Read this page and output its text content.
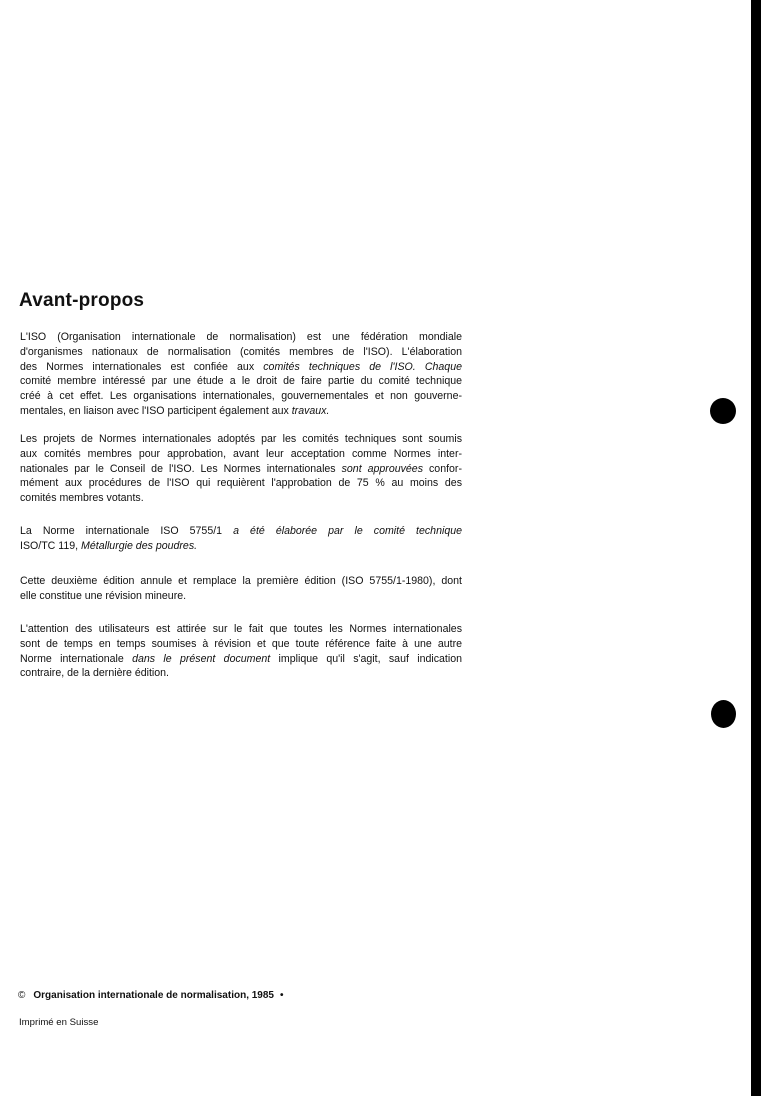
Avant-propos
L'ISO (Organisation internationale de normalisation) est une fédération mondiale
d'organismes nationaux de normalisation (comités membres de l'ISO). L'élaboration
des Normes internationales est confiée aux comités techniques de l'ISO. Chaque
comité membre intéressé par une étude a le droit de faire partie du comité technique
créé à cet effet. Les organisations internationales, gouvernementales et non gouverne-
mentales, en liaison avec l'ISO participent également aux travaux.
Les projets de Normes internationales adoptés par les comités techniques sont soumis
aux comités membres pour approbation, avant leur acceptation comme Normes inter-
nationales par le Conseil de l'ISO. Les Normes internationales sont approuvées confor-
mément aux procédures de l'ISO qui requièrent l'approbation de 75 % au moins des
comités membres votants.
La Norme internationale ISO 5755/1 a été élaborée par le comité technique
ISO/TC 119, Métallurgie des poudres.
Cette deuxième édition annule et remplace la première édition (ISO 5755/1-1980), dont
elle constitue une révision mineure.
L'attention des utilisateurs est attirée sur le fait que toutes les Normes internationales
sont de temps en temps soumises à révision et que toute référence faite à une autre
Norme internationale dans le présent document implique qu'il s'agit, sauf indication
contraire, de la dernière édition.

© Organisation internationale de normalisation, 1985 •

Imprimé en Suisse
